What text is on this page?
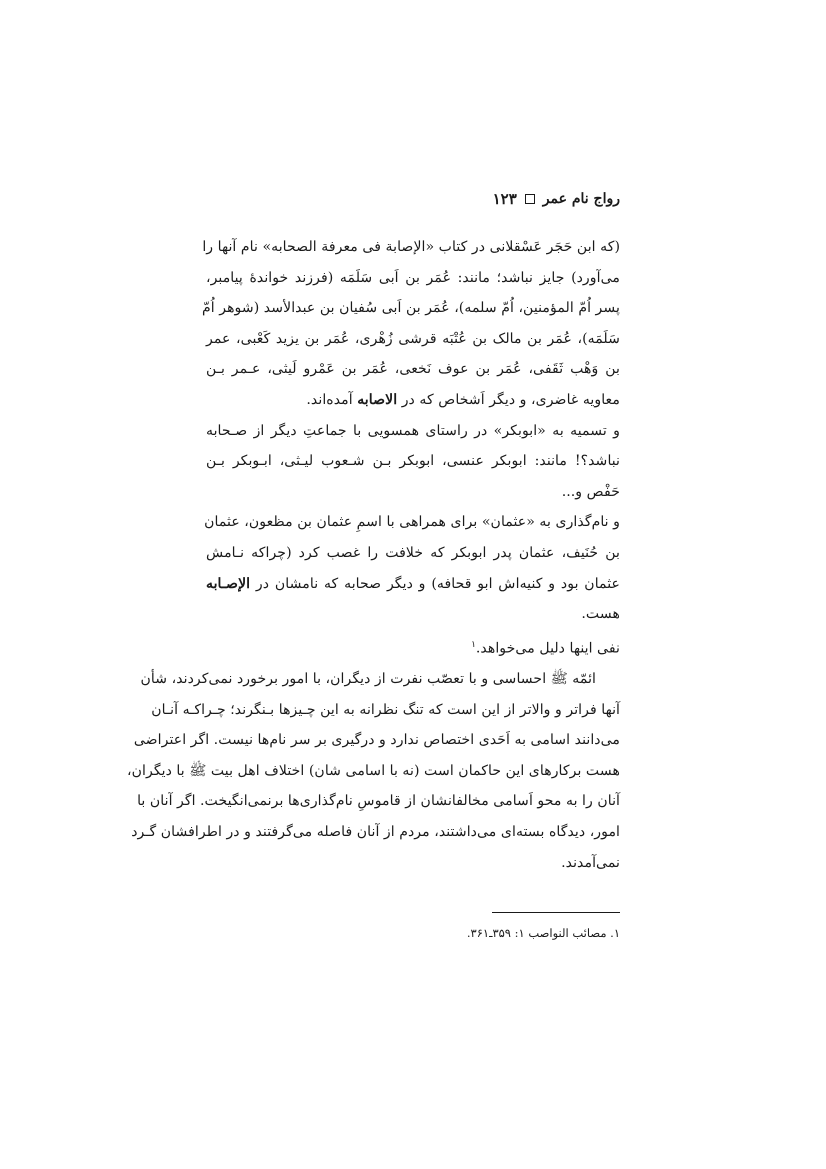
رواج نام عمر
۱۲۳
(که ابن حَجَر عَسْقلانی در کتاب «الإصابة فی معرفة الصحابه» نام آنها را
می‌آورد) جایز نباشد؛ مانند: عُمَر بن اَبی سَلَمَه (فرزند خواندهٔ پیامبر،
پسر اُمّ المؤمنین، اُمّ سلمه)، عُمَر بن اَبی سُفیان بن عبدالأسد (شوهر اُمّ
سَلَمَه)، عُمَر بن مالک بن عُتْبَه قرشی زُهْری، عُمَر بن یزید کَعْبی، عمر
بن وَهْب ثَقَفی، عُمَر بن عوف نَخعی، عُمَر بن عَمْرو لَیثی، عـمر بـن
معاویه غاضری، و دیگر اَشخاص که در الاصابه آمده‌اند.
و تسمیه به «ابوبکر» در راستای همسویی با جماعتِ دیگر از صـحابه
نباشد؟! مانند: ابوبکر عنسی، ابوبکر بـن شـعوب لیـثی، ابـوبکر بـن
حَفْص و...
و نام‌گذاری به «عثمان» برای همراهی با اسمِ عثمان بن مظعون، عثمان
بن حُنَیف، عثمان پدر ابوبکر که خلافت را غصب کرد (چراکه نـامش
عثمان بود و کنیه‌اش ابو قحافه) و دیگر صحابه که نامشان در الإصـابه
هست.
نفی اینها دلیل می‌خواهد.$^۱$
ائمّه ﷺ احساسی و با تعصّب نفرت از دیگران، با امور برخورد نمی‌کردند، شأن
آنها فراتر و والاتر از این است که تنگ نظرانه به این چـیزها بـنگرند؛ چـراکـه آنـان
می‌دانند اسامی به اَحَدی اختصاص ندارد و درگیری بر سر نام‌ها نیست. اگر اعتراضی
هست برکارهای این حاکمان است (نه با اسامی شان) اختلاف اهل بیت ﷺ با دیگران،
آنان را به محو اَسامی مخالفانشان از قاموسِ نام‌گذاری‌ها برنمی‌انگیخت. اگر آنان با
امور، دیدگاه بسته‌ای می‌داشتند، مردم از آنان فاصله می‌گرفتند و در اطرافشان گـرد
نمی‌آمدند.
۱. مصائب النواصب ۱: ۳۵۹ـ۳۶۱.
